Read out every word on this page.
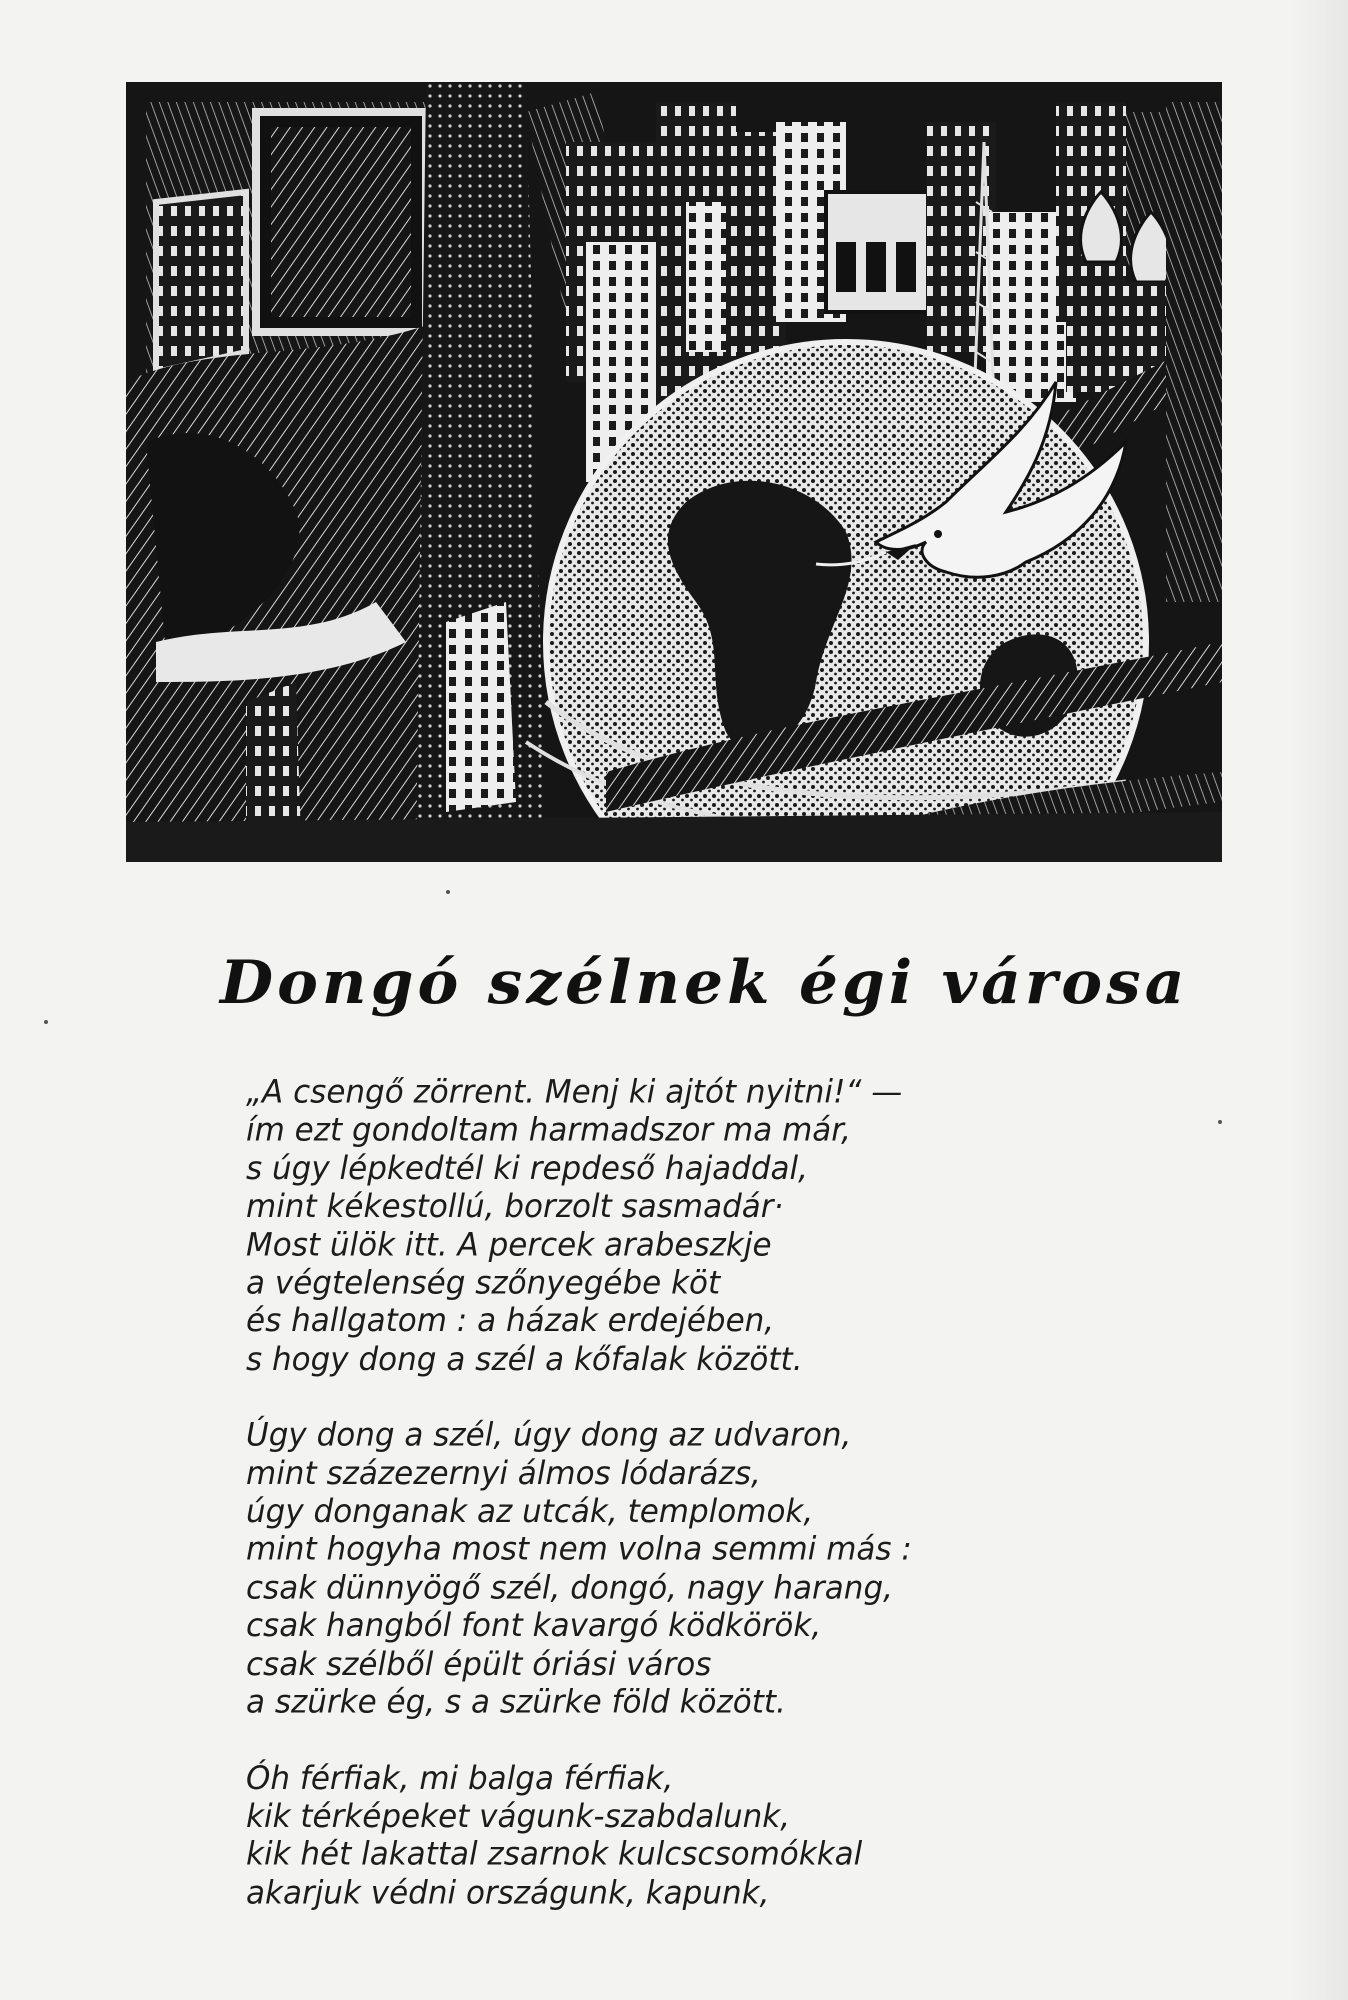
Dongó szélnek égi városa
„A csengő zörrent. Menj ki ajtót nyitni!“ —
ím ezt gondoltam harmadszor ma már,
s úgy lépkedtél ki repdeső hajaddal,
mint kékestollú, borzolt sasmadár·
Most ülök itt. A percek arabeszkje
a végtelenség szőnyegébe köt
és hallgatom : a házak erdejében,
s hogy dong a szél a kőfalak között.
Úgy dong a szél, úgy dong az udvaron,
mint százezernyi álmos lódarázs,
úgy donganak az utcák, templomok,
mint hogyha most nem volna semmi más :
csak dünnyögő szél, dongó, nagy harang,
csak hangból font kavargó ködkörök,
csak szélből épült óriási város
a szürke ég, s a szürke föld között.
Óh férfiak, mi balga férfiak,
kik térképeket vágunk-szabdalunk,
kik hét lakattal zsarnok kulcscsomókkal
akarjuk védni országunk, kapunk,
